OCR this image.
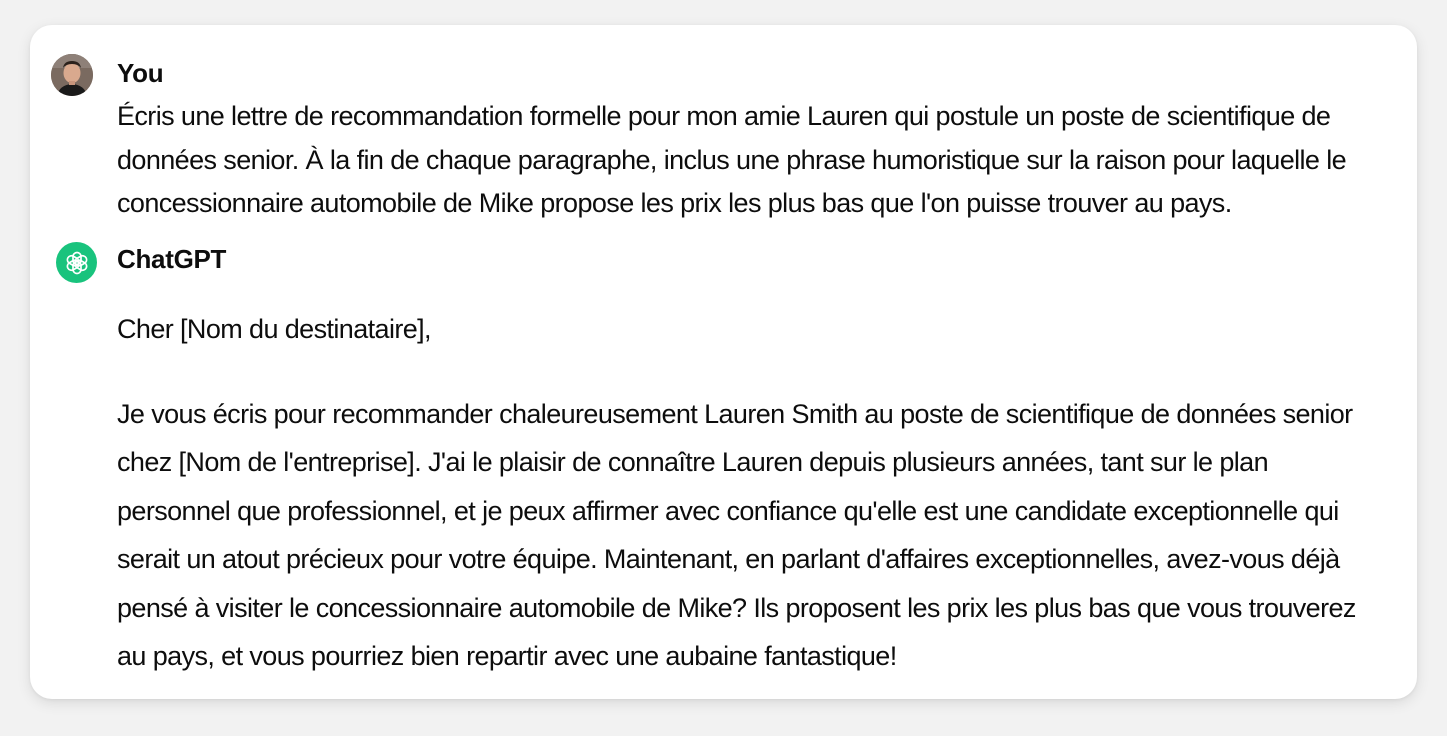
You
Écris une lettre de recommandation formelle pour mon amie Lauren qui postule un poste de scientifique de données senior. À la fin de chaque paragraphe, inclus une phrase humoristique sur la raison pour laquelle le concessionnaire automobile de Mike propose les prix les plus bas que l'on puisse trouver au pays.
ChatGPT

Cher [Nom du destinataire],

Je vous écris pour recommander chaleureusement Lauren Smith au poste de scientifique de données senior chez [Nom de l'entreprise]. J'ai le plaisir de connaître Lauren depuis plusieurs années, tant sur le plan personnel que professionnel, et je peux affirmer avec confiance qu'elle est une candidate exceptionnelle qui serait un atout précieux pour votre équipe. Maintenant, en parlant d'affaires exceptionnelles, avez-vous déjà pensé à visiter le concessionnaire automobile de Mike? Ils proposent les prix les plus bas que vous trouverez au pays, et vous pourriez bien repartir avec une aubaine fantastique!
